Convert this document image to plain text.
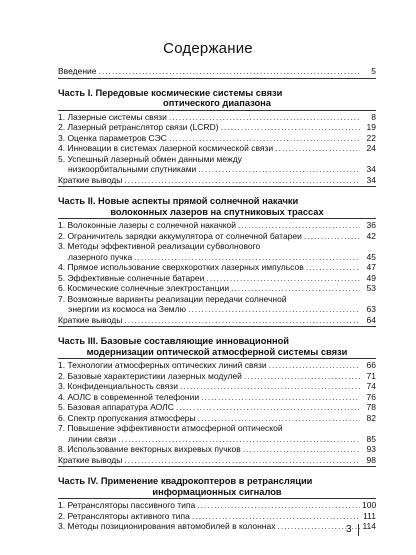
Содержание
Введение .....	5
Часть I. Передовые космические системы связи
оптического диапазона
1. Лазерные системы связи .....	8
2. Лазерный ретранслятор связи (LCRD) .....	19
3. Оценка параметров СЭС .....	22
4. Инновации в системах лазерной космической связи .....	24
5. Успешный лазерный обмен данными между
низкоорбитальными спутниками .....	34
Краткие выводы .....	34
Часть II. Новые аспекты прямой солнечной накачки
волоконных лазеров на спутниковых трассах
1. Волоконные лазеры с солнечной накачкой .....	36
2. Ограничитель зарядки аккумулятора от солнечной батареи .....	42
3. Методы эффективной реализации субволнового
лазерного пучка .....	45
4. Прямое использование сверхкоротких лазерных импульсов .....	47
5. Эффективные солнечные батареи .....	49
6. Космические солнечные электростанции .....	53
7. Возможные варианты реализации передачи солнечной
энергии из космоса на Землю .....	63
Краткие выводы .....	64
Часть III. Базовые составляющие инновационной
модернизации оптической атмосферной системы связи
1. Технологии атмосферных оптических линий связи .....	66
2. Базовые характеристики лазерных модулей .....	71
3. Конфиденциальность связи .....	74
4. АОЛС в современной телефонии .....	76
5. Базовая аппаратура АОЛС .....	78
6. Спектр пропускания атмосферы .....	82
7. Повышение эффективности атмосферной оптической
линии связи .....	85
8. Использование векторных вихревых пучков .....	93
Краткие выводы .....	98
Часть IV. Применение квадрокоптеров в ретрансляции
информационных сигналов
1. Ретрансляторы пассивного типа .....	100
2. Ретрансляторы активного типа .....	111
3. Методы позиционирования автомобилей в колоннах .....	114
3
